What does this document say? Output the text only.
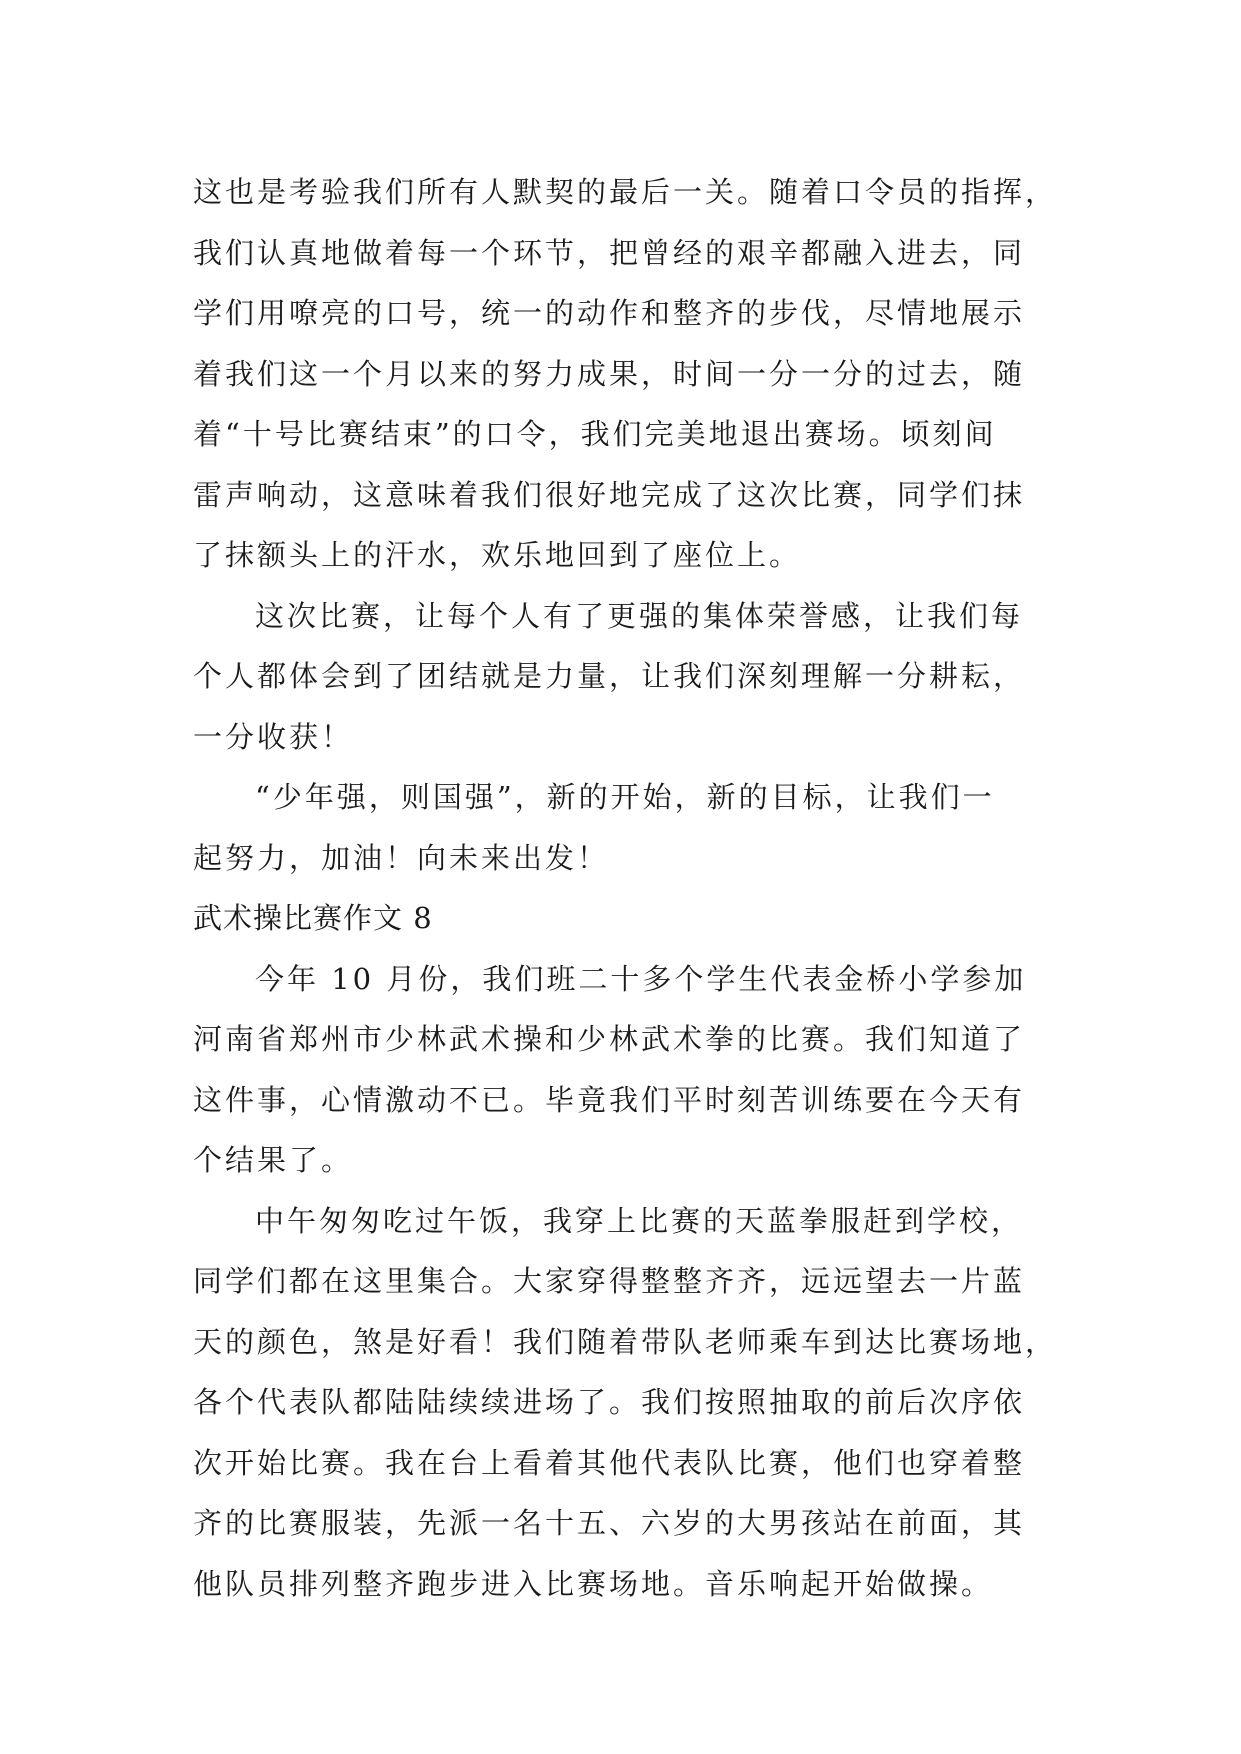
这也是考验我们所有人默契的最后一关。随着口令员的指挥，
我们认真地做着每一个环节，把曾经的艰辛都融入进去，同
学们用嘹亮的口号，统一的动作和整齐的步伐，尽情地展示
着我们这一个月以来的努力成果，时间一分一分的过去，随
着“十号比赛结束”的口令，我们完美地退出赛场。顷刻间
雷声响动，这意味着我们很好地完成了这次比赛，同学们抹
了抹额头上的汗水，欢乐地回到了座位上。
这次比赛，让每个人有了更强的集体荣誉感，让我们每
个人都体会到了团结就是力量，让我们深刻理解一分耕耘，
一分收获！
“少年强，则国强”，新的开始，新的目标，让我们一
起努力，加油！向未来出发！
武术操比赛作文 8
今年 10 月份，我们班二十多个学生代表金桥小学参加
河南省郑州市少林武术操和少林武术拳的比赛。我们知道了
这件事，心情激动不已。毕竟我们平时刻苦训练要在今天有
个结果了。
中午匆匆吃过午饭，我穿上比赛的天蓝拳服赶到学校，
同学们都在这里集合。大家穿得整整齐齐，远远望去一片蓝
天的颜色，煞是好看！我们随着带队老师乘车到达比赛场地，
各个代表队都陆陆续续进场了。我们按照抽取的前后次序依
次开始比赛。我在台上看着其他代表队比赛，他们也穿着整
齐的比赛服装，先派一名十五、六岁的大男孩站在前面，其
他队员排列整齐跑步进入比赛场地。音乐响起开始做操。
